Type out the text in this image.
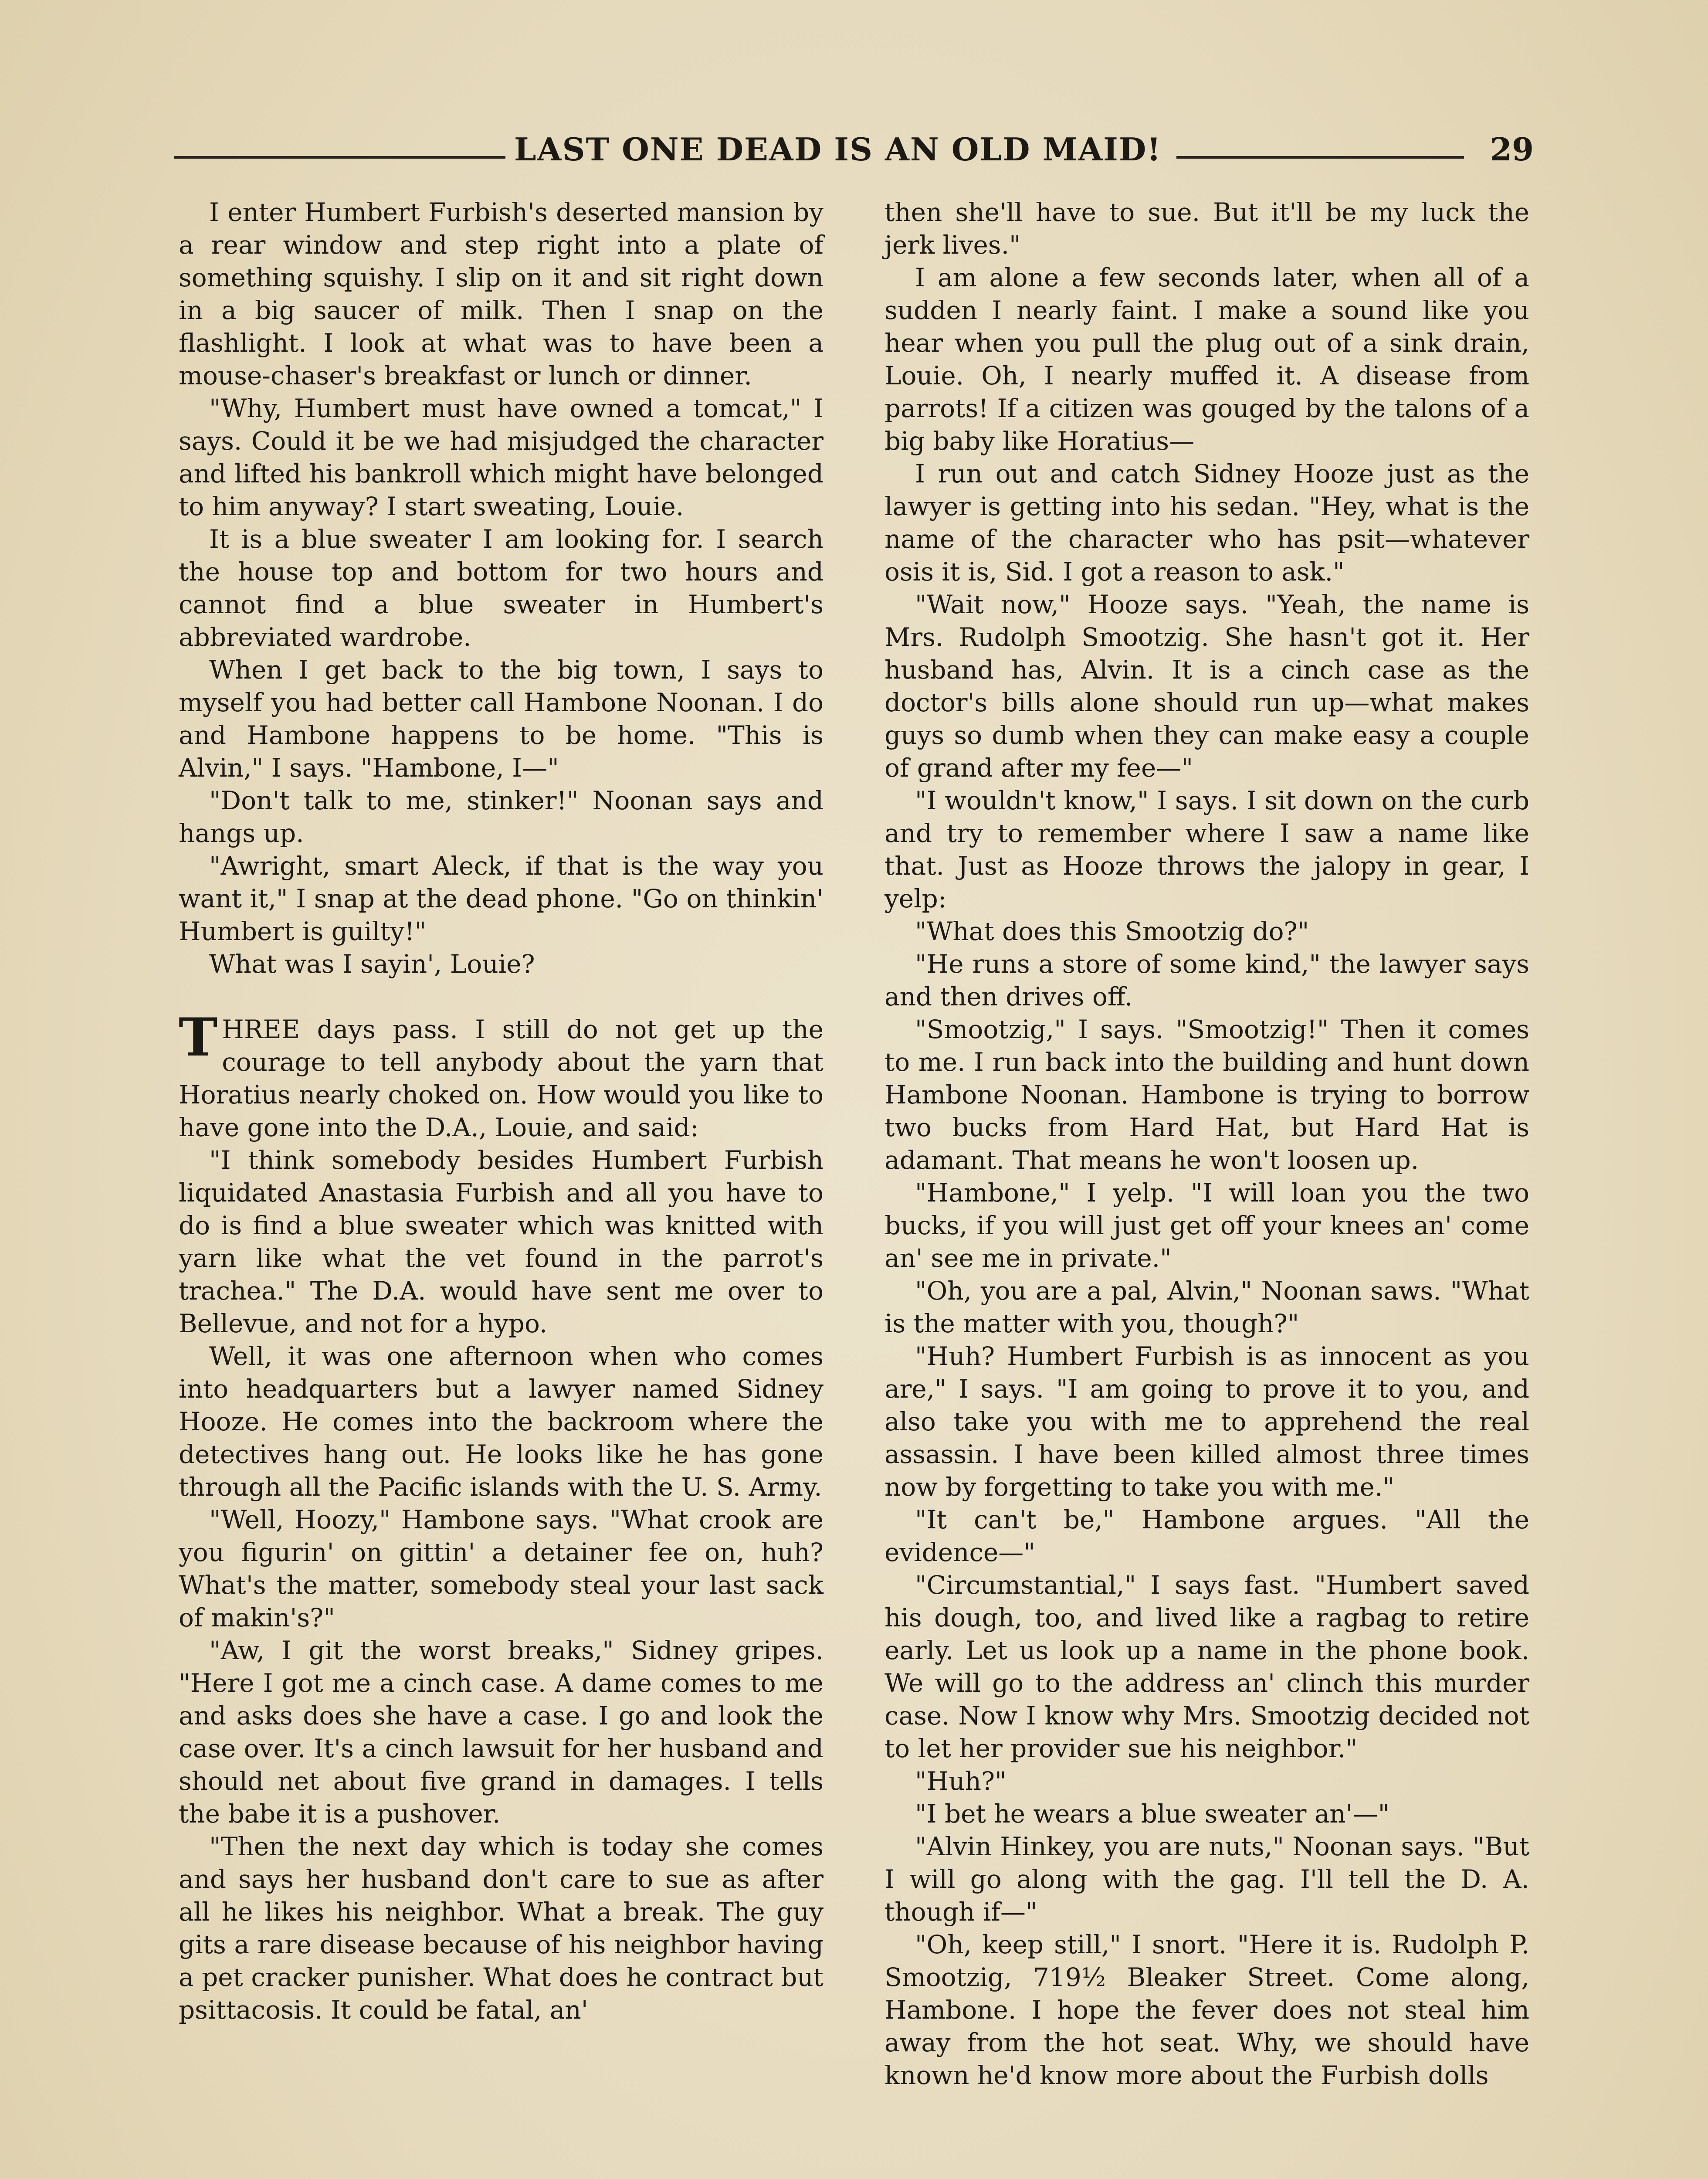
LAST ONE DEAD IS AN OLD MAID!	29

I enter Humbert Furbish's deserted mansion by a rear window and step right into a plate of something squishy. I slip on it and sit right down in a big saucer of milk. Then I snap on the flashlight. I look at what was to have been a mouse-chaser's breakfast or lunch or dinner.

"Why, Humbert must have owned a tomcat," I says. Could it be we had misjudged the character and lifted his bankroll which might have belonged to him anyway? I start sweating, Louie.

It is a blue sweater I am looking for. I search the house top and bottom for two hours and cannot find a blue sweater in Humbert's abbreviated wardrobe.

When I get back to the big town, I says to myself you had better call Hambone Noonan. I do and Hambone happens to be home. "This is Alvin," I says. "Hambone, I—"

"Don't talk to me, stinker!" Noonan says and hangs up.

"Awright, smart Aleck, if that is the way you want it," I snap at the dead phone. "Go on thinkin' Humbert is guilty!"

What was I sayin', Louie?

THREE days pass. I still do not get up the courage to tell anybody about the yarn that Horatius nearly choked on. How would you like to have gone into the D.A., Louie, and said:

"I think somebody besides Humbert Furbish liquidated Anastasia Furbish and all you have to do is find a blue sweater which was knitted with yarn like what the vet found in the parrot's trachea." The D.A. would have sent me over to Bellevue, and not for a hypo.

Well, it was one afternoon when who comes into headquarters but a lawyer named Sidney Hooze. He comes into the backroom where the detectives hang out. He looks like he has gone through all the Pacific islands with the U. S. Army.

"Well, Hoozy," Hambone says. "What crook are you figurin' on gittin' a detainer fee on, huh? What's the matter, somebody steal your last sack of makin's?"

"Aw, I git the worst breaks," Sidney gripes. "Here I got me a cinch case. A dame comes to me and asks does she have a case. I go and look the case over. It's a cinch lawsuit for her husband and should net about five grand in damages. I tells the babe it is a pushover.

"Then the next day which is today she comes and says her husband don't care to sue as after all he likes his neighbor. What a break. The guy gits a rare disease because of his neighbor having a pet cracker punisher. What does he contract but psittacosis. It could be fatal, an'

then she'll have to sue. But it'll be my luck the jerk lives."

I am alone a few seconds later, when all of a sudden I nearly faint. I make a sound like you hear when you pull the plug out of a sink drain, Louie. Oh, I nearly muffed it. A disease from parrots! If a citizen was gouged by the talons of a big baby like Horatius—

I run out and catch Sidney Hooze just as the lawyer is getting into his sedan. "Hey, what is the name of the character who has psit—whatever osis it is, Sid. I got a reason to ask."

"Wait now," Hooze says. "Yeah, the name is Mrs. Rudolph Smootzig. She hasn't got it. Her husband has, Alvin. It is a cinch case as the doctor's bills alone should run up—what makes guys so dumb when they can make easy a couple of grand after my fee—"

"I wouldn't know," I says. I sit down on the curb and try to remember where I saw a name like that. Just as Hooze throws the jalopy in gear, I yelp:

"What does this Smootzig do?"

"He runs a store of some kind," the lawyer says and then drives off.

"Smootzig," I says. "Smootzig!" Then it comes to me. I run back into the building and hunt down Hambone Noonan. Hambone is trying to borrow two bucks from Hard Hat, but Hard Hat is adamant. That means he won't loosen up.

"Hambone," I yelp. "I will loan you the two bucks, if you will just get off your knees an' come an' see me in private."

"Oh, you are a pal, Alvin," Noonan saws. "What is the matter with you, though?"

"Huh? Humbert Furbish is as innocent as you are," I says. "I am going to prove it to you, and also take you with me to apprehend the real assassin. I have been killed almost three times now by forgetting to take you with me."

"It can't be," Hambone argues. "All the evidence—"

"Circumstantial," I says fast. "Humbert saved his dough, too, and lived like a ragbag to retire early. Let us look up a name in the phone book. We will go to the address an' clinch this murder case. Now I know why Mrs. Smootzig decided not to let her provider sue his neighbor."

"Huh?"

"I bet he wears a blue sweater an'—"

"Alvin Hinkey, you are nuts," Noonan says. "But I will go along with the gag. I'll tell the D. A. though if—"

"Oh, keep still," I snort. "Here it is. Rudolph P. Smootzig, 719½ Bleaker Street. Come along, Hambone. I hope the fever does not steal him away from the hot seat. Why, we should have known he'd know more about the Furbish dolls
